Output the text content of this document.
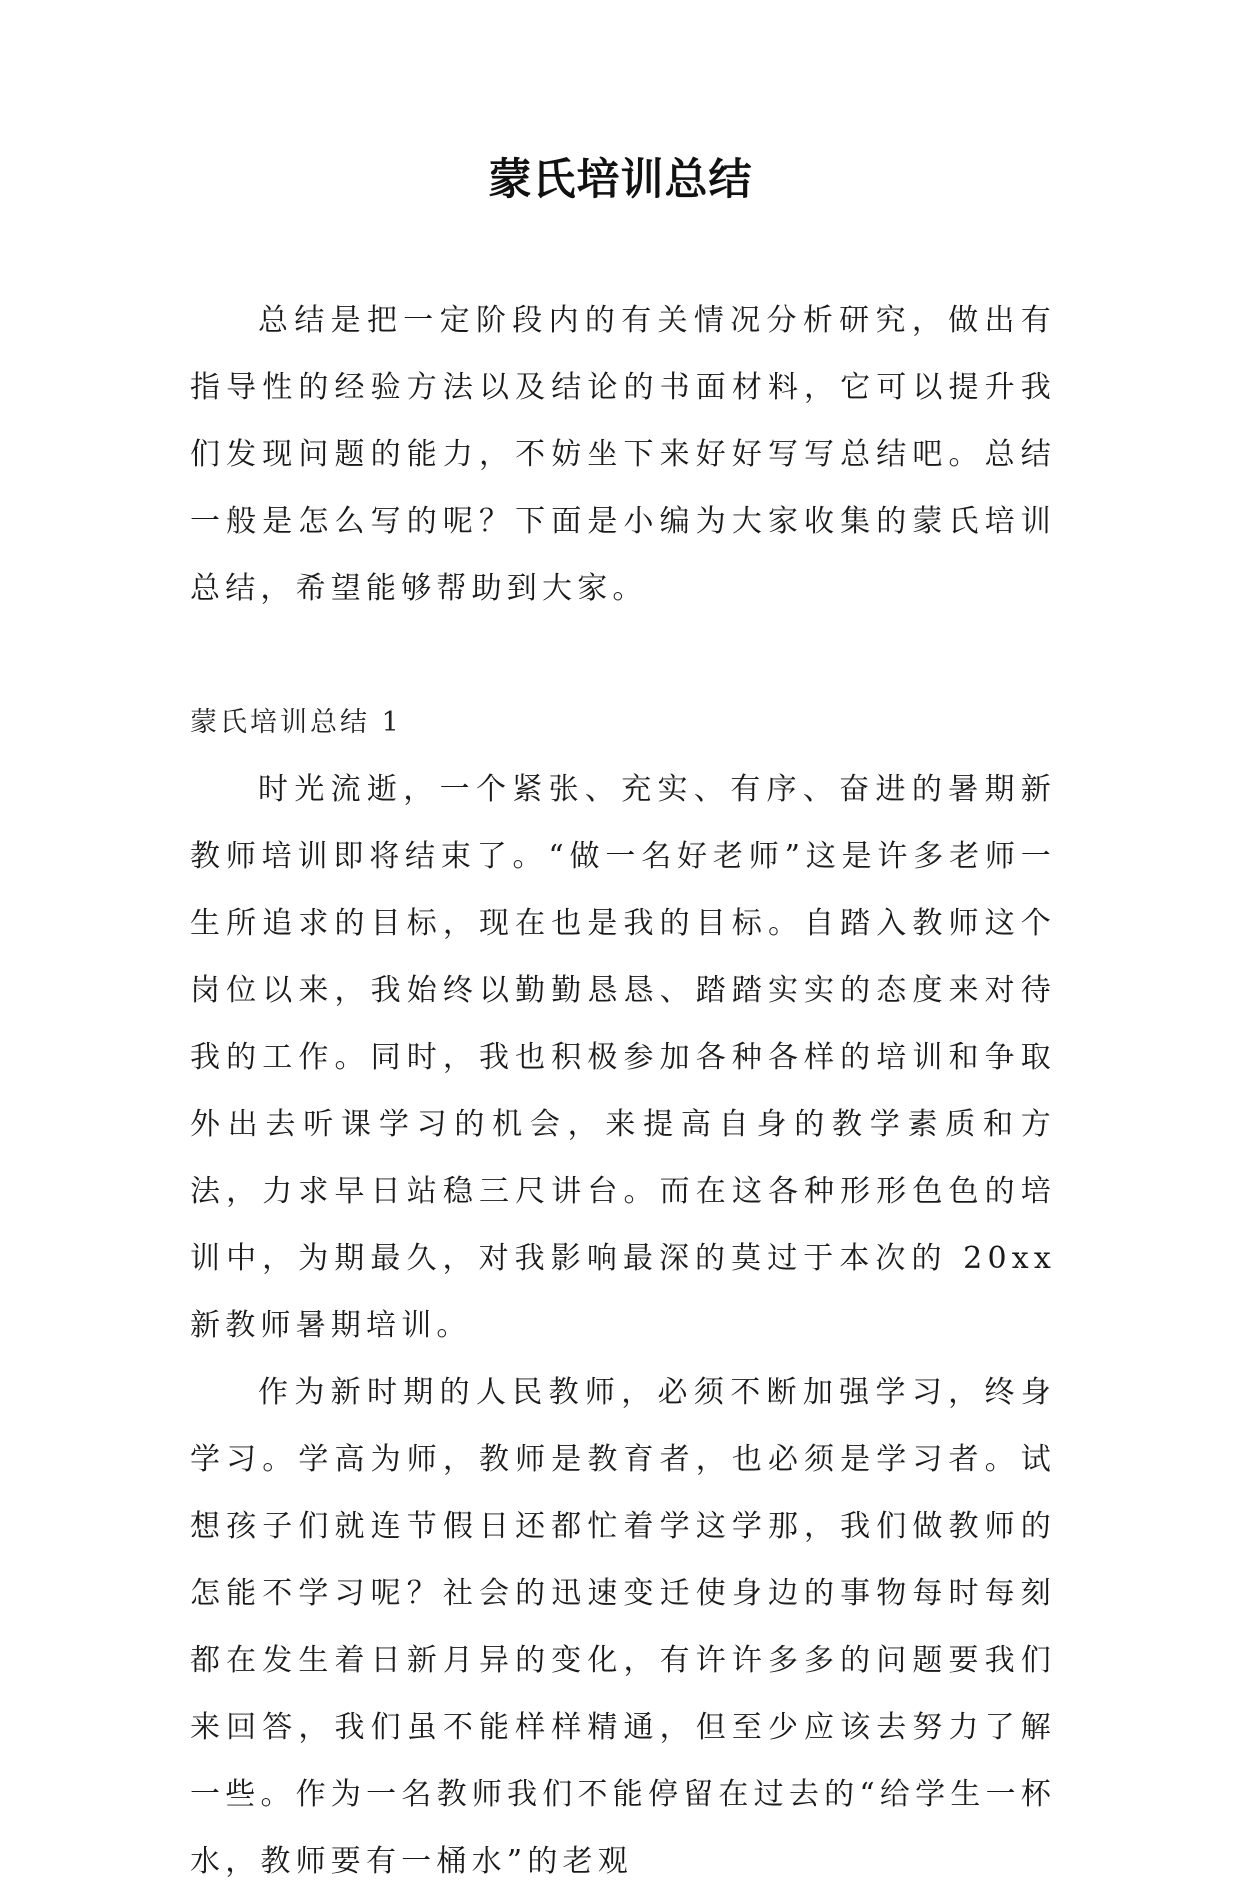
蒙氏培训总结

总结是把一定阶段内的有关情况分析研究，做出有指导性的经验方法以及结论的书面材料，它可以提升我们发现问题的能力，不妨坐下来好好写写总结吧。总结一般是怎么写的呢？下面是小编为大家收集的蒙氏培训总结，希望能够帮助到大家。

蒙氏培训总结 1

时光流逝，一个紧张、充实、有序、奋进的暑期新教师培训即将结束了。“做一名好老师”这是许多老师一生所追求的目标，现在也是我的目标。自踏入教师这个岗位以来，我始终以勤勤恳恳、踏踏实实的态度来对待我的工作。同时，我也积极参加各种各样的培训和争取外出去听课学习的机会，来提高自身的教学素质和方法，力求早日站稳三尺讲台。而在这各种形形色色的培训中，为期最久，对我影响最深的莫过于本次的 20xx 新教师暑期培训。

作为新时期的人民教师，必须不断加强学习，终身学习。学高为师，教师是教育者，也必须是学习者。试想孩子们就连节假日还都忙着学这学那，我们做教师的怎能不学习呢？社会的迅速变迁使身边的事物每时每刻都在发生着日新月异的变化，有许许多多的问题要我们来回答，我们虽不能样样精通，但至少应该去努力了解一些。作为一名教师我们不能停留在过去的“给学生一杯水，教师要有一桶水”的老观
